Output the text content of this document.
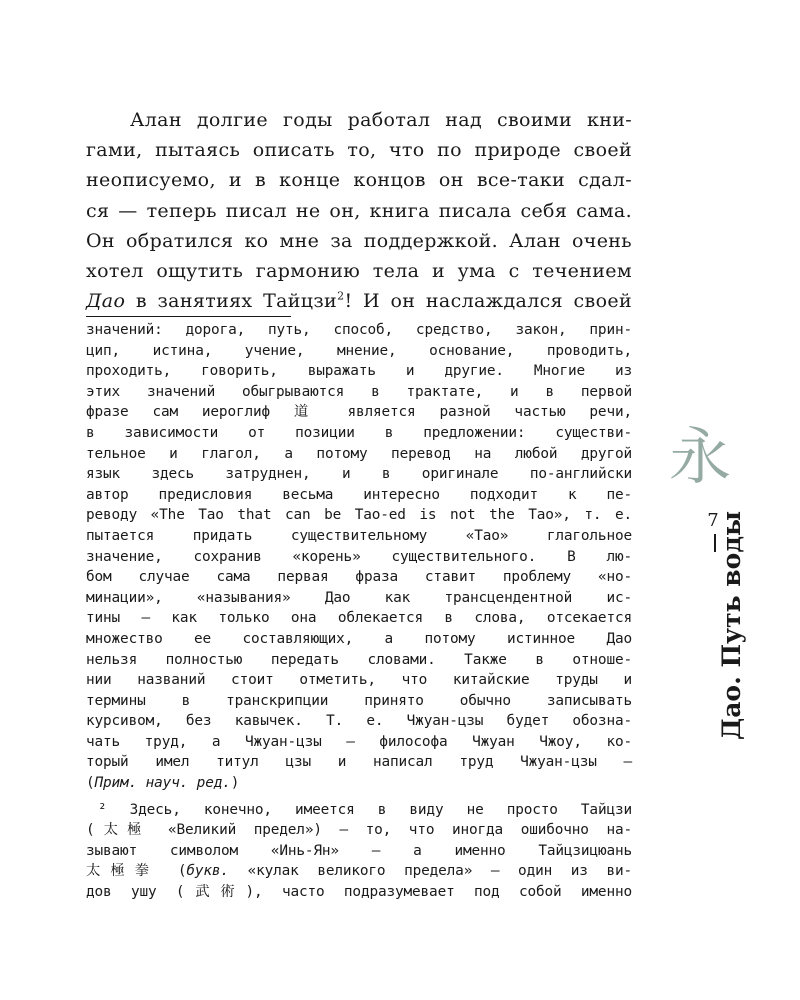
Алан долгие годы работал над своими кни-
гами, пытаясь описать то, что по природе своей
неописуемо, и в конце концов он все-таки сдал-
ся — теперь писал не он, книга писала себя сама.
Он обратился ко мне за поддержкой. Алан очень
хотел ощутить гармонию тела и ума с течением
Дао в занятиях Тайцзи$^2$! И он наслаждался своей
значений: дорога, путь, способ, средство, закон, прин-
цип, истина, учение, мнение, основание, проводить,
проходить, говорить, выражать и другие. Многие из
этих значений обыгрываются в трактате, и в первой
фразе сам иероглиф 道 является разной частью речи,
в зависимости от позиции в предложении: существи-
тельное и глагол, а потому перевод на любой другой
язык здесь затруднен, и в оригинале по-английски
автор предисловия весьма интересно подходит к пе-
реводу «The Tao that can be Tao-ed is not the Tao», т. е.
пытается придать существительному «Тао» глагольное
значение, сохранив «корень» существительного. В лю-
бом случае сама первая фраза ставит проблему «но-
минации», «называния» Дао как трансцендентной ис-
тины — как только она облекается в слова, отсекается
множество ее составляющих, а потому истинное Дао
нельзя полностью передать словами. Также в отноше-
нии названий стоит отметить, что китайские труды и
термины в транскрипции принято обычно записывать
курсивом, без кавычек. Т. е. Чжуан-цзы будет обозна-
чать труд, а Чжуан-цзы — философа Чжуан Чжоу, ко-
торый имел титул цзы и написал труд Чжуан-цзы —
(Прим. науч. ред.)
² Здесь, конечно, имеется в виду не просто Тайцзи
(太極 «Великий предел») — то, что иногда ошибочно на-
зывают символом «Инь-Ян» — а именно Тайцзицюань
太極拳 (букв. «кулак великого предела» — один из ви-
дов ушу (武術), часто подразумевает под собой именно
永
7
Дао. Путь воды
